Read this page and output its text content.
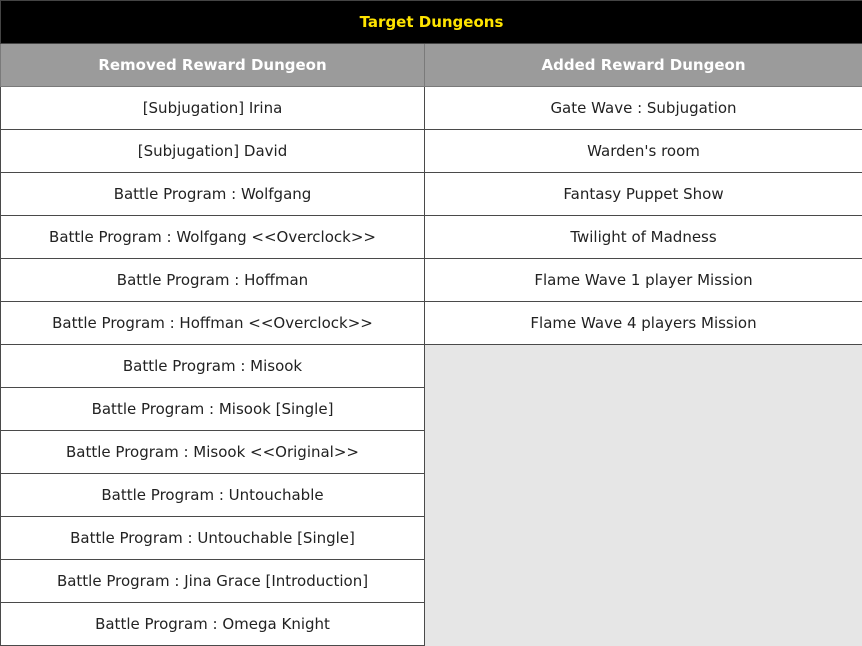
Target Dungeons	
Removed Reward Dungeon	Added Reward Dungeon
[Subjugation] Irina	Gate Wave : Subjugation
[Subjugation] David	Warden's room
Battle Program : Wolfgang	Fantasy Puppet Show
Battle Program : Wolfgang <<Overclock>>	Twilight of Madness
Battle Program : Hoffman	Flame Wave 1 player Mission
Battle Program : Hoffman <<Overclock>>	Flame Wave 4 players Mission
Battle Program : Misook	
Battle Program : Misook [Single]	
Battle Program : Misook <<Original>>	
Battle Program : Untouchable	
Battle Program : Untouchable [Single]	
Battle Program : Jina Grace [Introduction]	
Battle Program : Omega Knight	
